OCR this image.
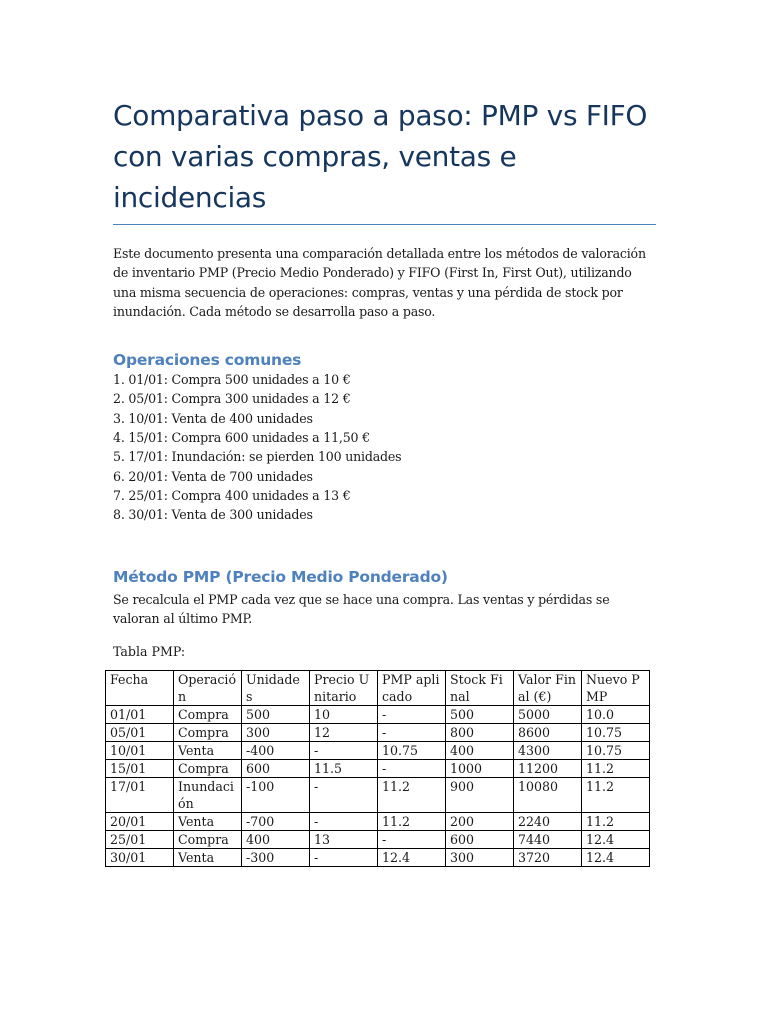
Comparativa paso a paso: PMP vs FIFO con varias compras, ventas e incidencias

Este documento presenta una comparación detallada entre los métodos de valoración de inventario PMP (Precio Medio Ponderado) y FIFO (First In, First Out), utilizando una misma secuencia de operaciones: compras, ventas y una pérdida de stock por inundación. Cada método se desarrolla paso a paso.

Operaciones comunes
1. 01/01: Compra 500 unidades a 10 €
2. 05/01: Compra 300 unidades a 12 €
3. 10/01: Venta de 400 unidades
4. 15/01: Compra 600 unidades a 11,50 €
5. 17/01: Inundación: se pierden 100 unidades
6. 20/01: Venta de 700 unidades
7. 25/01: Compra 400 unidades a 13 €
8. 30/01: Venta de 300 unidades
Método PMP (Precio Medio Ponderado)

Se recalcula el PMP cada vez que se hace una compra. Las ventas y pérdidas se valoran al último PMP.

Tabla PMP:

Fecha	Operación	Unidades	Precio Unitario	PMP aplicado	Stock Final	Valor Final (€)	Nuevo PMP
01/01	Compra	500	10	-	500	5000	10.0
05/01	Compra	300	12	-	800	8600	10.75
10/01	Venta	-400	-	10.75	400	4300	10.75
15/01	Compra	600	11.5	-	1000	11200	11.2
17/01	Inundación	-100	-	11.2	900	10080	11.2
20/01	Venta	-700	-	11.2	200	2240	11.2
25/01	Compra	400	13	-	600	7440	12.4
30/01	Venta	-300	-	12.4	300	3720	12.4
